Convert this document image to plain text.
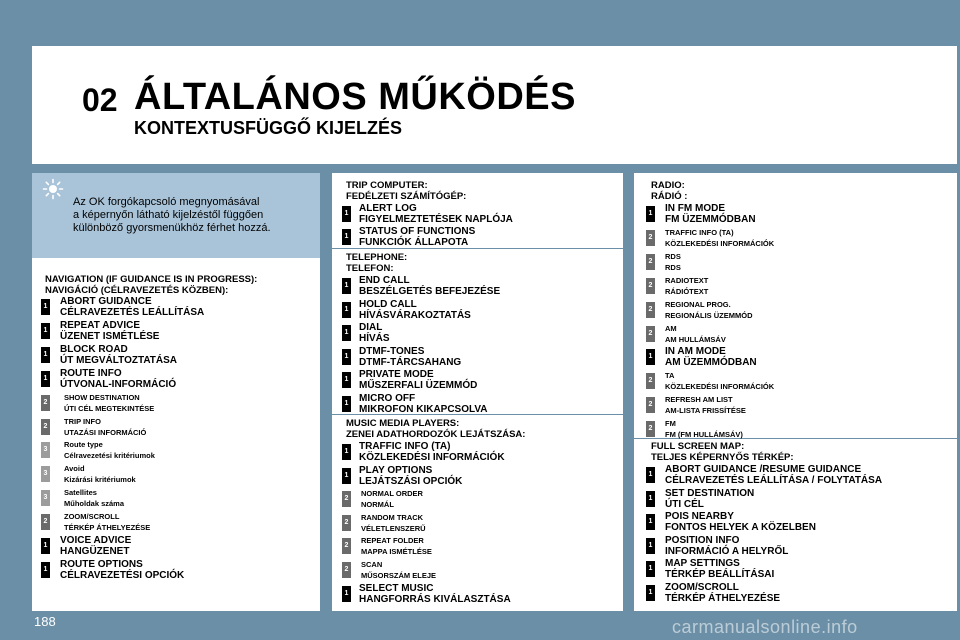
02 ÁLTALÁNOS MŰKÖDÉS
KONTEXTUSFÜGGŐ KIJELZÉS
Az OK forgókapcsoló megnyomásával
a képernyőn látható kijelzéstől függően
különböző gyorsmenükhöz férhet hozzá.
NAVIGATION (IF GUIDANCE IS IN PROGRESS):
NAVIGÁCIÓ (CÉLRAVEZETÉS KÖZBEN):
TRIP COMPUTER:
FEDÉLZETI SZÁMÍTÓGÉP:
TELEPHONE:
TELEFON:
MUSIC MEDIA PLAYERS:
ZENEI ADATHORDOZÓK LEJÁTSZÁSA:
RADIO:
RÁDIÓ :
FULL SCREEN MAP:
TELJES KÉPERNYŐS TÉRKÉP:
1 ABORT GUIDANCE
CÉLRAVEZETÉS LEÁLLÍTÁSA
1 REPEAT ADVICE
ÜZENET ISMÉTLÉSE
1 BLOCK ROAD
ÚT MEGVÁLTOZTATÁSA
1 ROUTE INFO
ÚTVONAL-INFORMÁCIÓ
2
SHOW DESTINATION
ÚTI CÉL MEGTEKINTÉSE
2
TRIP INFO
UTAZÁSI INFORMÁCIÓ
3
Route type
Célravezetési kritériumok
3
Avoid
Kizárási kritériumok
3
Satellites
Műholdak száma
2
ZOOM/SCROLL
TÉRKÉP ÁTHELYEZÉSE
1 VOICE ADVICE
HANGÜZENET
1 ROUTE OPTIONS
CÉLRAVEZETÉSI OPCIÓK
1 ALERT LOG
FIGYELMEZTETÉSEK NAPLÓJA
1 STATUS OF FUNCTIONS
FUNKCIÓK ÁLLAPOTA
1 END CALL
BESZÉLGETÉS BEFEJEZÉSE
1 HOLD CALL
HÍVÁSVÁRAKOZTATÁS
1 DIAL
HÍVÁS
1 DTMF-TONES
DTMF-TÁRCSAHANG
1 PRIVATE MODE
MŰSZERFALI ÜZEMMÓD
1 MICRO OFF
MIKROFON KIKAPCSOLVA
1 TRAFFIC INFO (TA)
KÖZLEKEDÉSI INFORMÁCIÓK
1 PLAY OPTIONS
LEJÁTSZÁSI OPCIÓK
2
NORMAL ORDER
NORMÁL
2
RANDOM TRACK
VÉLETLENSZERŰ
2
REPEAT FOLDER
MAPPA ISMÉTLÉSE
2
SCAN
MŰSORSZÁM ELEJE
1 SELECT MUSIC
HANGFORRÁS KIVÁLASZTÁSA
1 IN FM MODE
FM ÜZEMMÓDBAN
2
TRAFFIC INFO (TA)
KÖZLEKEDÉSI INFORMÁCIÓK
2
RDS
RDS
2
RADIOTEXT
RÁDIÓTEXT
2
REGIONAL PROG.
REGIONÁLIS ÜZEMMÓD
2
AM
AM HULLÁMSÁV
1 IN AM MODE
AM ÜZEMMÓDBAN
2
TA
KÖZLEKEDÉSI INFORMÁCIÓK
2
REFRESH AM LIST
AM-LISTA FRISSÍTÉSE
2
FM
FM (FM HULLÁMSÁV)
1 ABORT GUIDANCE /RESUME GUIDANCE
CÉLRAVEZETÉS LEÁLLÍTÁSA / FOLYTATÁSA
1 SET DESTINATION
ÚTI CÉL
1 POIS NEARBY
FONTOS HELYEK A KÖZELBEN
1 POSITION INFO
INFORMÁCIÓ A HELYRŐL
1 MAP SETTINGS
TÉRKÉP BEÁLLÍTÁSAI
1 ZOOM/SCROLL
TÉRKÉP ÁTHELYEZÉSE
188	carmanualsonline.info
